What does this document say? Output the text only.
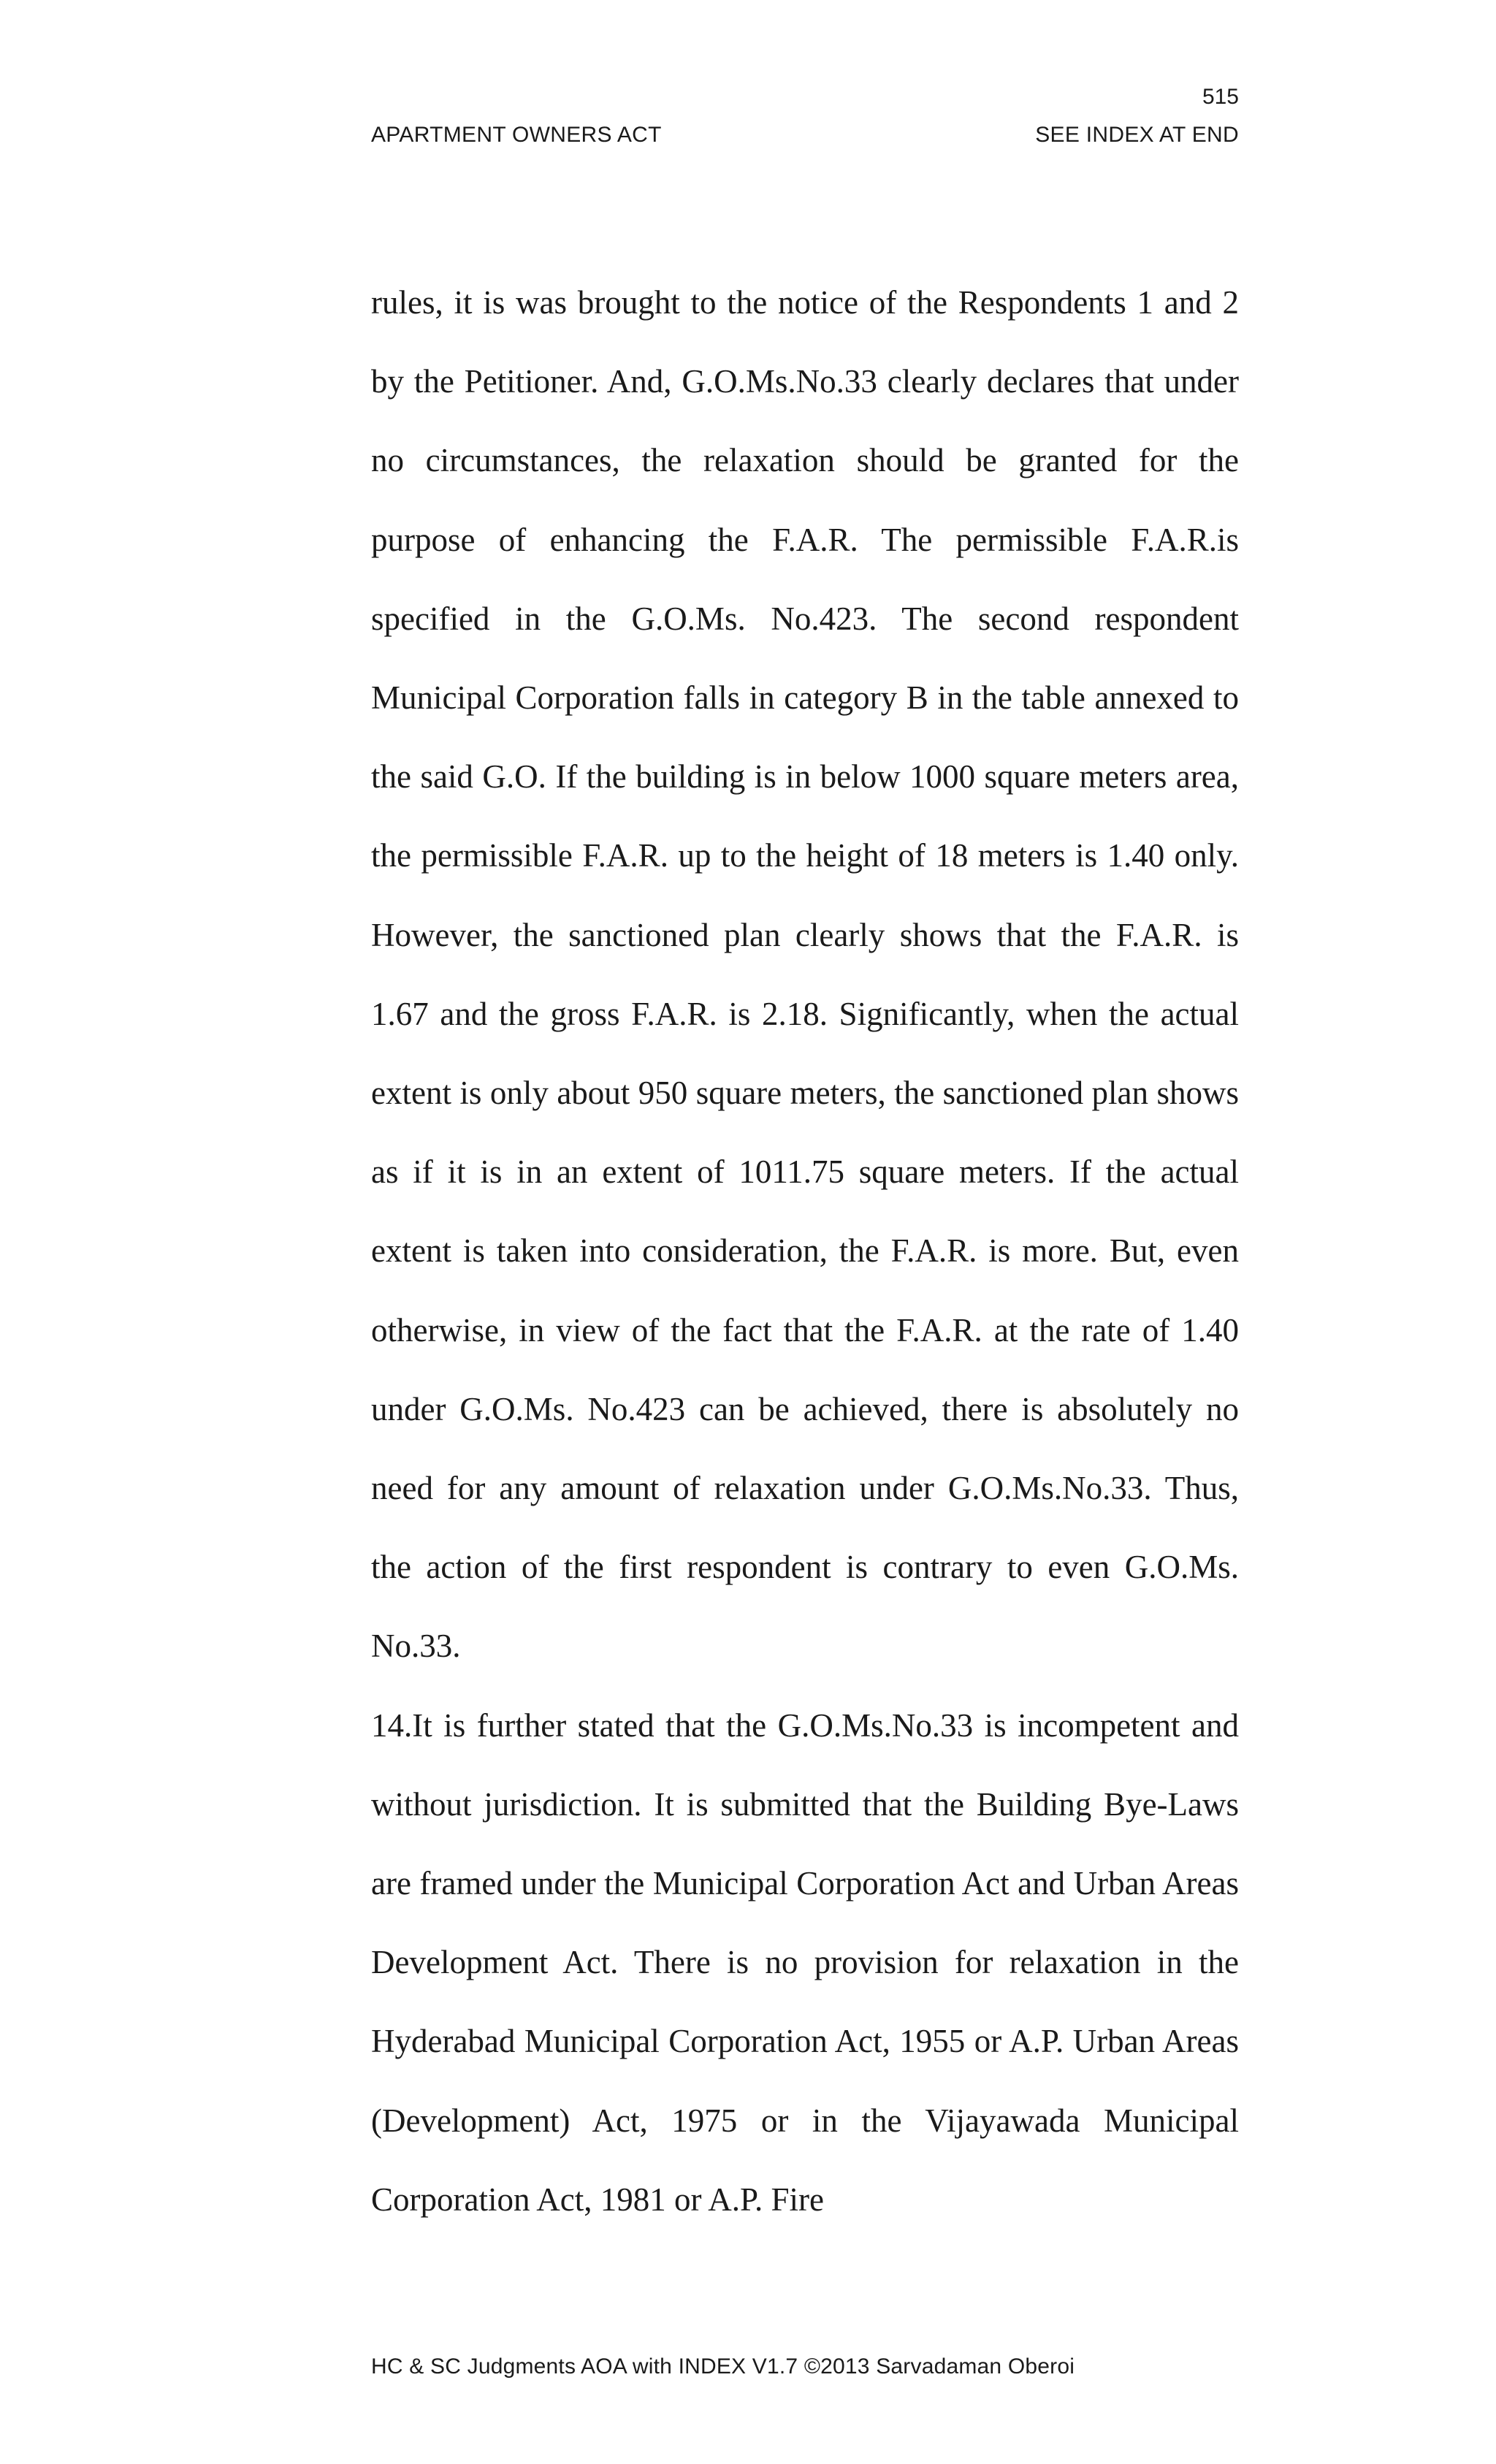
515
APARTMENT OWNERS ACT	SEE INDEX AT END

rules, it is was brought to the notice of the Respondents 1 and 2 by the Petitioner. And, G.O.Ms.No.33 clearly declares that under no circumstances, the relaxation should be granted for the purpose of enhancing the F.A.R. The permissible F.A.R.is specified in the G.O.Ms. No.423. The second respondent Municipal Corporation falls in category B in the table annexed to the said G.O. If the building is in below 1000 square meters area, the permissible F.A.R. up to the height of 18 meters is 1.40 only. However, the sanctioned plan clearly shows that the F.A.R. is 1.67 and the gross F.A.R. is 2.18. Significantly, when the actual extent is only about 950 square meters, the sanctioned plan shows as if it is in an extent of 1011.75 square meters. If the actual extent is taken into consideration, the F.A.R. is more. But, even otherwise, in view of the fact that the F.A.R. at the rate of 1.40 under G.O.Ms. No.423 can be achieved, there is absolutely no need for any amount of relaxation under G.O.Ms.No.33. Thus, the action of the first respondent is contrary to even G.O.Ms. No.33.

14.It is further stated that the G.O.Ms.No.33 is incompetent and without jurisdiction. It is submitted that the Building Bye-Laws are framed under the Municipal Corporation Act and Urban Areas Development Act. There is no provision for relaxation in the Hyderabad Municipal Corporation Act, 1955 or A.P. Urban Areas (Development) Act, 1975 or in the Vijayawada Municipal Corporation Act, 1981 or A.P. Fire

HC & SC Judgments AOA with INDEX V1.7 ©2013 Sarvadaman Oberoi
